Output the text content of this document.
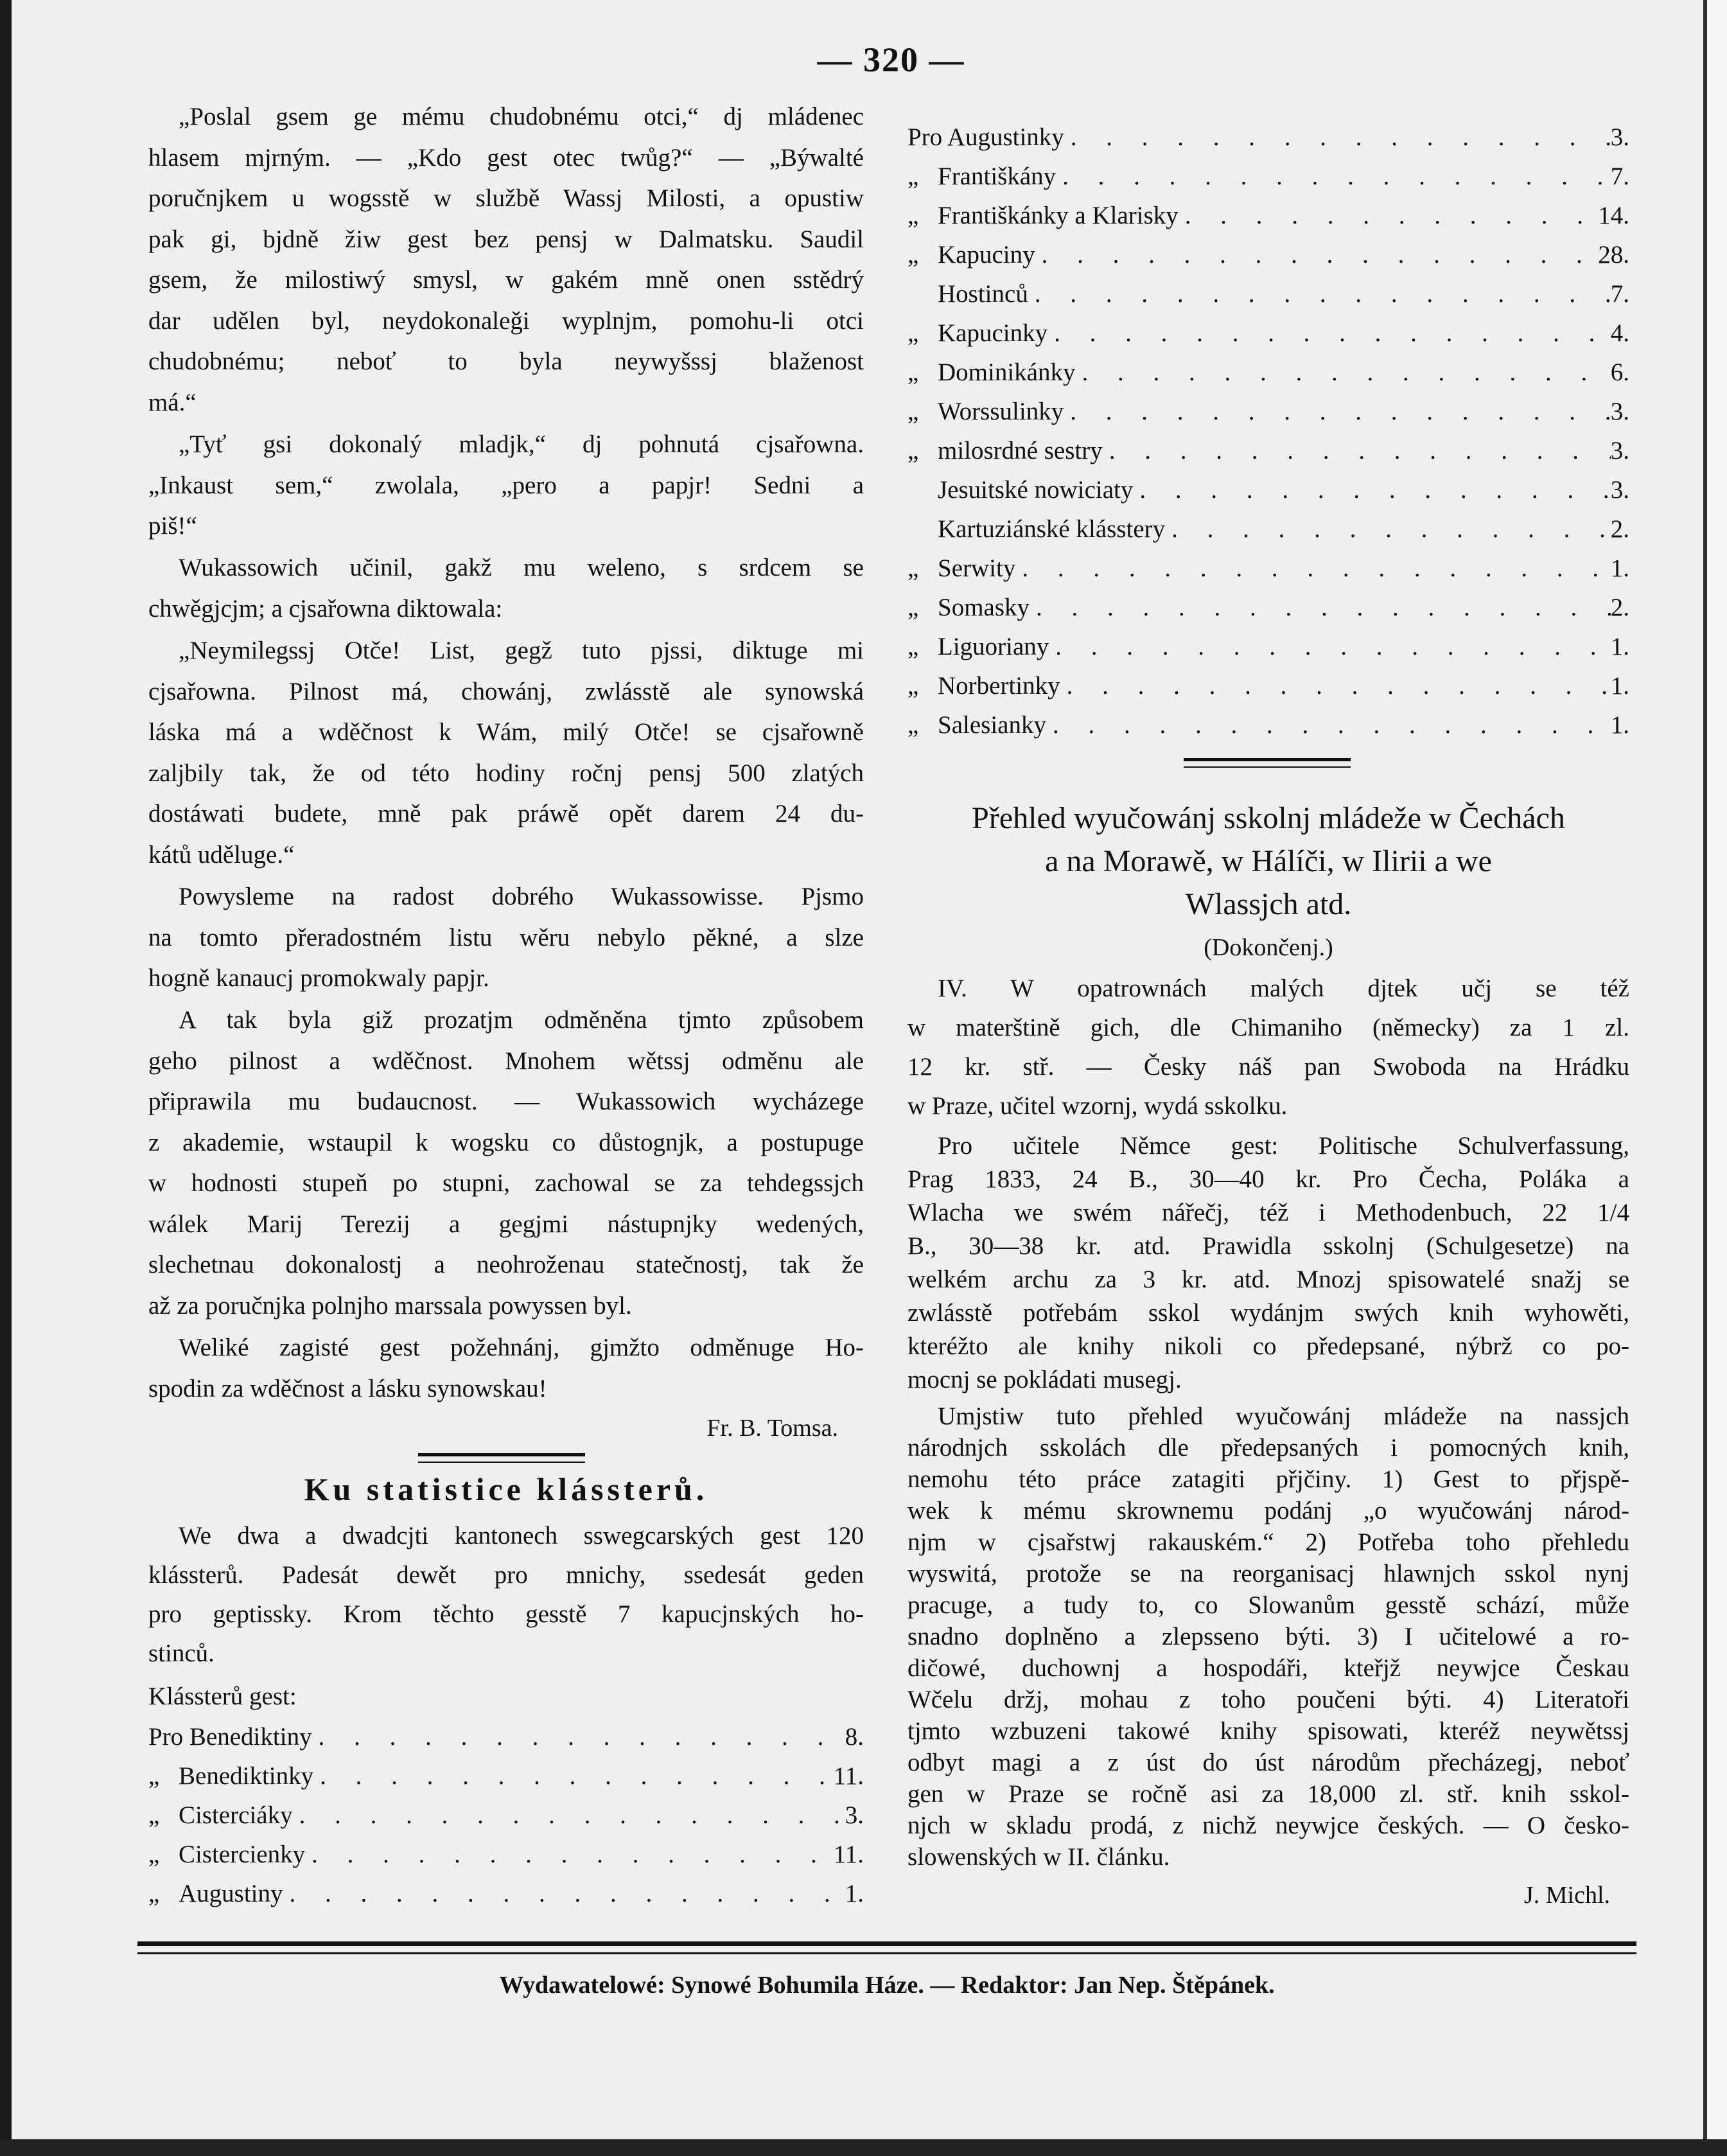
— 320 —
„Poslal gsem ge mému chudobnému otci,“ dj mládenec
hlasem mjrným. — „Kdo gest otec twůg?“ — „Býwalté
poručnjkem u wogsstě w službě Wassj Milosti, a opustiw
pak gi, bjdně žiw gest bez pensj w Dalmatsku. Saudil
gsem, že milostiwý smysl, w gakém mně onen sstědrý
dar udělen byl, neydokonaleǧi wyplnjm, pomohu-li otci
chudobnému; neboť to byla neywyšssj blaženost
má.“
„Tyť gsi dokonalý mladjk,“ dj pohnutá cjsařowna.
„Inkaust sem,“ zwolala, „pero a papjr! Sedni a
piš!“
Wukassowich učinil, gakž mu weleno, s srdcem se
chwěgjcjm; a cjsařowna diktowala:
„Neymilegssj Otče! List, gegž tuto pjssi, diktuge mi
cjsařowna. Pilnost má, chowánj, zwlásstě ale synowská
láska má a wděčnost k Wám, milý Otče! se cjsařowně
zaljbily tak, že od této hodiny ročnj pensj 500 zlatých
dostáwati budete, mně pak práwě opět darem 24 du-
kátů uděluge.“
Powysleme na radost dobrého Wukassowisse. Pjsmo
na tomto přeradostném listu wěru nebylo pěkné, a slze
hogně kanaucj promokwaly papjr.
A tak byla giž prozatjm odměněna tjmto způsobem
geho pilnost a wděčnost. Mnohem wětssj odměnu ale
připrawila mu budaucnost. — Wukassowich wycházege
z akademie, wstaupil k wogsku co důstognjk, a postupuge
w hodnosti stupeň po stupni, zachowal se za tehdegssjch
wálek Marij Terezij a gegjmi nástupnjky wedených,
slechetnau dokonalostj a neohroženau statečnostj, tak že
až za poručnjka polnjho marssala powyssen byl.
Weliké zagisté gest požehnánj, gjmžto odměnuge Ho-
spodin za wděčnost a lásku synowskau!
Fr. B. Tomsa.
Ku statistice klássterů.
We dwa a dwadcjti kantonech sswegcarských gest 120
klássterů. Padesát dewět pro mnichy, ssedesát geden
pro geptissky. Krom těchto gesstě 7 kapucjnských ho-
stinců.
Klássterů gest:
Pro Benediktiny . . .	8.
„ Benediktinky . . .	11.
„ Cisterciáky . . .	3.
„ Cistercienky . . .	11.
„ Augustiny . . .	1.
Pro Augustinky . . .	3.
„ Františkány . . .	7.
„ Františkánky a Klarisky . . .	14.
„ Kapuciny . . .	28.
Hostinců . . .	7.
„ Kapucinky . . .	4.
„ Dominikánky . . .	6.
„ Worssulinky . . .	3.
„ milosrdné sestry . . .	3.
Jesuitské nowiciaty . . .	3.
Kartuziánské klásstery . . .	2.
„ Serwity . . .	1.
„ Somasky . . .	2.
„ Liguoriany . . .	1.
„ Norbertinky . . .	1.
„ Salesianky . . .	1.
Přehled wyučowánj sskolnj mládeže w Čechách
a na Morawě, w Hálíči, w Ilirii a we
Wlassjch atd.
(Dokončenj.)
IV. W opatrownách malých djtek učj se též
w materštině gich, dle Chimaniho (německy) za 1 zl.
12 kr. stř. — Česky náš pan Swoboda na Hrádku
w Praze, učitel wzornj, wydá sskolku.
Pro učitele Němce gest: Politische Schulverfassung,
Prag 1833, 24 B., 30—40 kr. Pro Čecha, Poláka a
Wlacha we swém nářečj, též i Methodenbuch, 22 1/4
B., 30—38 kr. atd. Prawidla sskolnj (Schulgesetze) na
welkém archu za 3 kr. atd. Mnozj spisowatelé snažj se
zwlásstě potřebám sskol wydánjm swých knih wyhowěti,
kteréžto ale knihy nikoli co předepsané, nýbrž co po-
mocnj se pokládati musegj.
Umjstiw tuto přehled wyučowánj mládeže na nassjch
národnjch sskolách dle předepsaných i pomocných knih,
nemohu této práce zatagiti přjčiny. 1) Gest to přjspě-
wek k mému skrownemu podánj „o wyučowánj národ-
njm w cjsařstwj rakauském.“ 2) Potřeba toho přehledu
wyswitá, protože se na reorganisacj hlawnjch sskol nynj
pracuge, a tudy to, co Slowanům gesstě schází, může
snadno doplněno a zlepsseno býti. 3) I učitelowé a ro-
dičowé, duchownj a hospodáři, kteřjž neywjce Českau
Wčelu držj, mohau z toho poučeni býti. 4) Literatoři
tjmto wzbuzeni takowé knihy spisowati, kteréž neywětssj
odbyt magi a z úst do úst národům přecházegj, neboť
gen w Praze se ročně asi za 18,000 zl. stř. knih sskol-
njch w skladu prodá, z nichž neywjce českých. — O česko-
slowenských w II. článku.
J. Michl.
Wydawatelowé: Synowé Bohumila Háze. — Redaktor: Jan Nep. Štěpánek.
